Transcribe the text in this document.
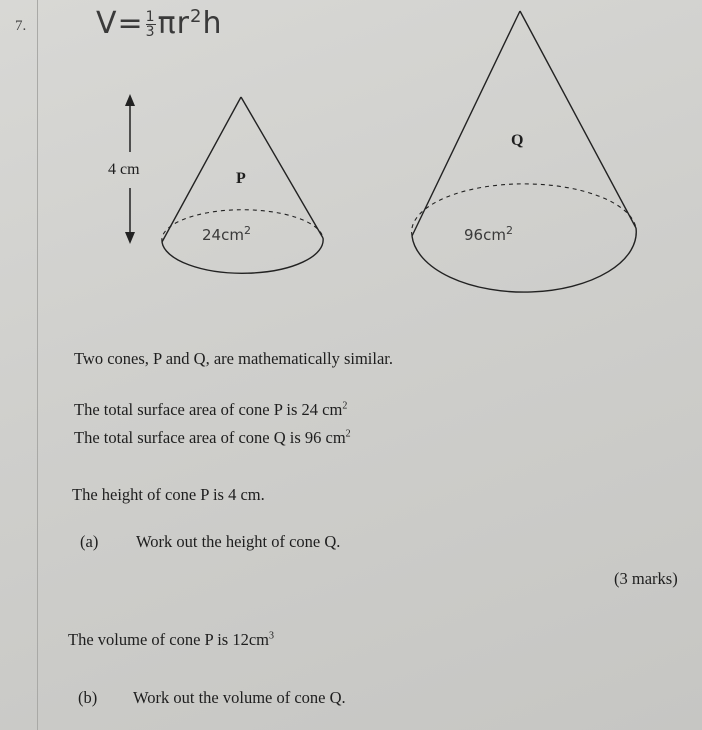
7. $V= \frac{1}{3} \pi r^2h$
4 cm
P
Q
$24cm^2$	$96cm^2$
Two cones, P and Q, are mathematically similar.
The total surface area of cone P is 24 $cm^2$
The total surface area of cone Q is 96 $cm^2$
The height of cone P is 4 cm.
(a) Work out the height of cone Q.
(3 marks)
The volume of cone P is $12cm^3$
(b) Work out the volume of cone Q.
